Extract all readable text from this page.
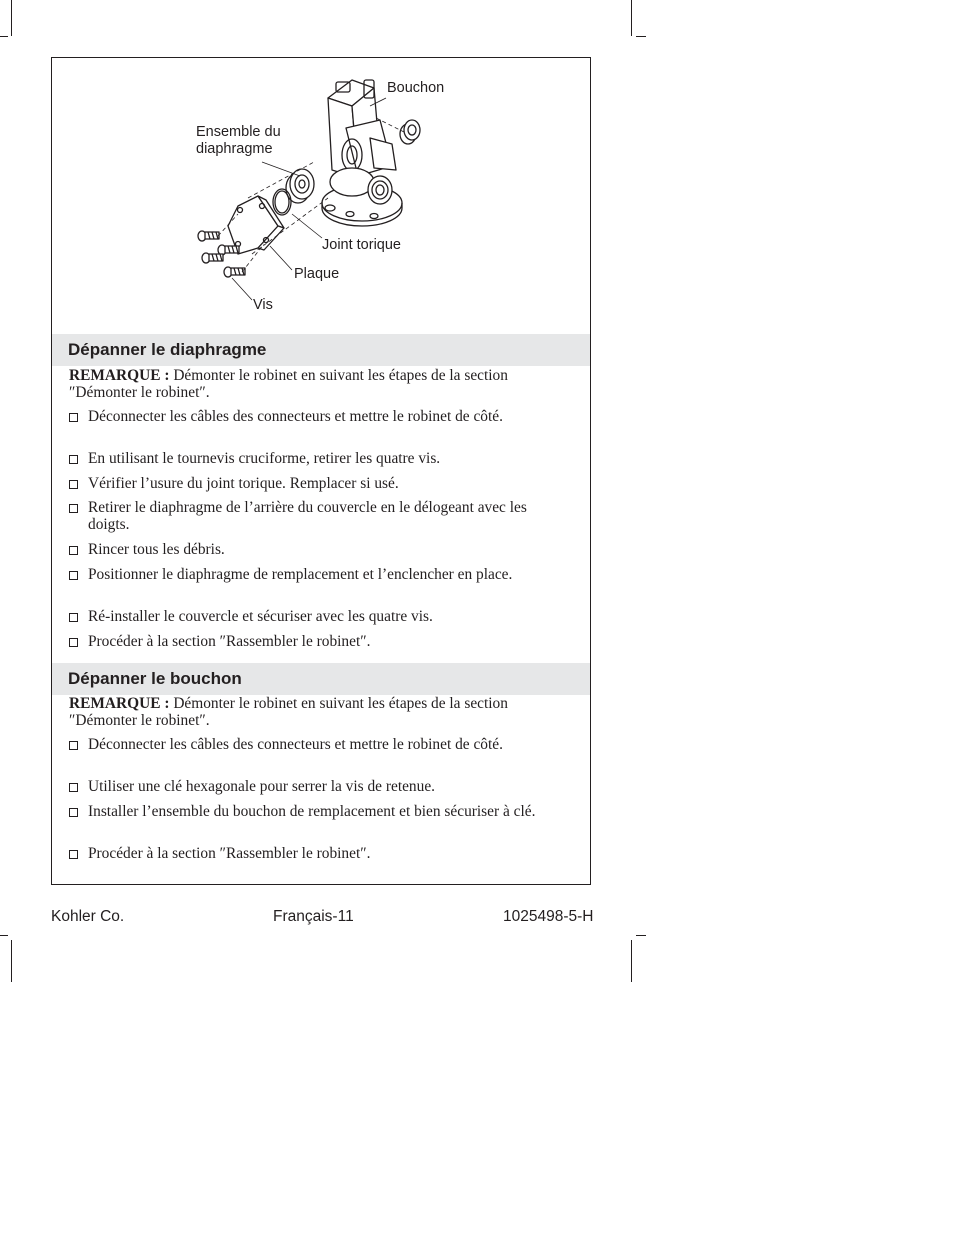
Bouchon
Ensemble du
diaphragme
Joint torique
Plaque
Vis
Dépanner le diaphragme
REMARQUE : Démonter le robinet en suivant les étapes de la section ″Démonter le robinet″.
Déconnecter les câbles des connecteurs et mettre le robinet de côté.
En utilisant le tournevis cruciforme, retirer les quatre vis.
Vérifier l’usure du joint torique. Remplacer si usé.
Retirer le diaphragme de l’arrière du couvercle en le délogeant avec les doigts.
Rincer tous les débris.
Positionner le diaphragme de remplacement et l’enclencher en place.
Ré-installer le couvercle et sécuriser avec les quatre vis.
Procéder à la section ″Rassembler le robinet″.
Dépanner le bouchon
REMARQUE : Démonter le robinet en suivant les étapes de la section ″Démonter le robinet″.
Déconnecter les câbles des connecteurs et mettre le robinet de côté.
Utiliser une clé hexagonale pour serrer la vis de retenue.
Installer l’ensemble du bouchon de remplacement et bien sécuriser à clé.
Procéder à la section ″Rassembler le robinet″.
Kohler Co.	Français-11	1025498-5-H
